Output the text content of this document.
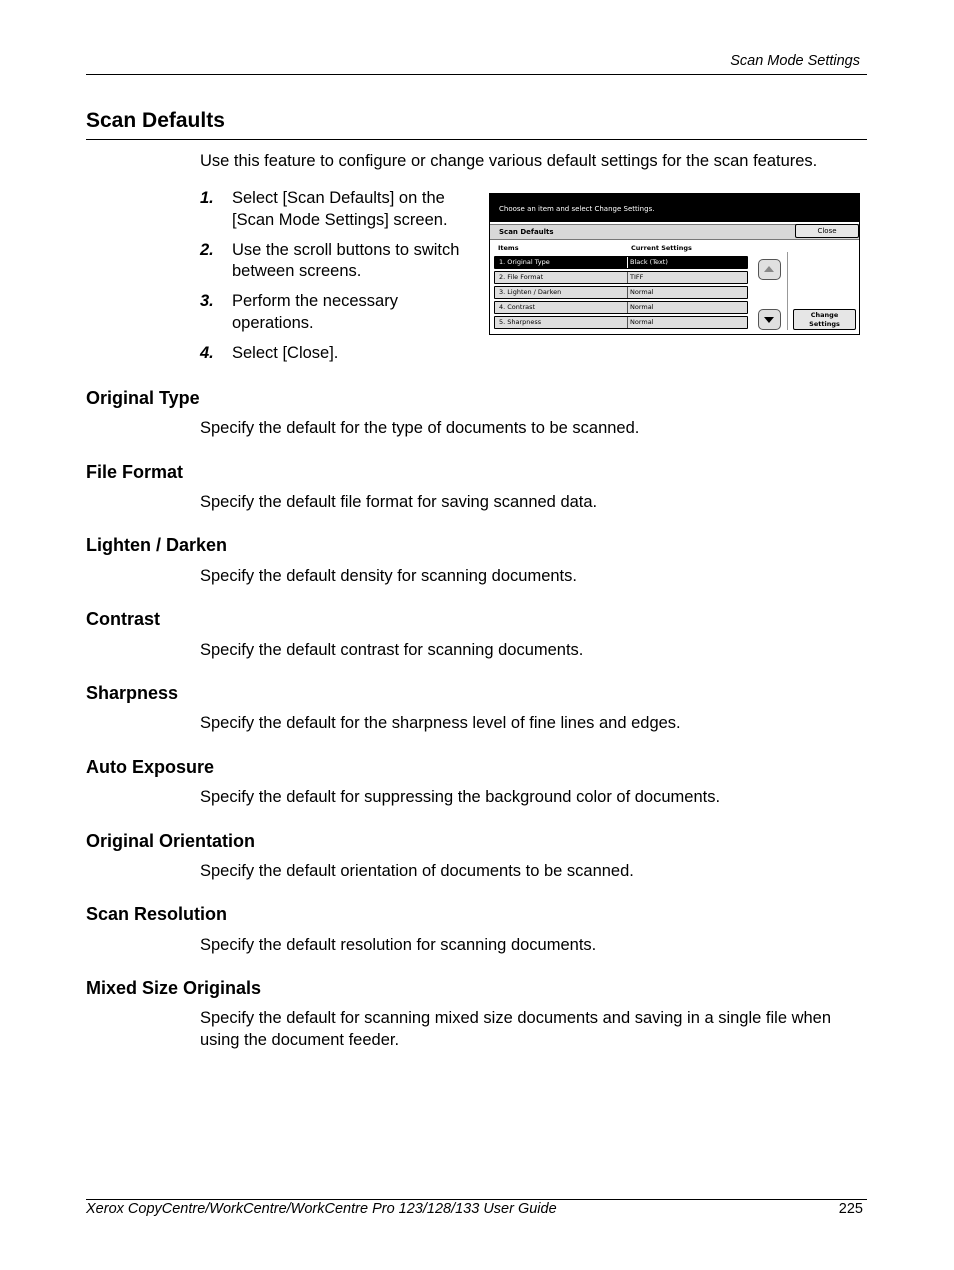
Scan Mode Settings
Scan Defaults
Use this feature to configure or change various default settings for the scan features.
1. Select [Scan Defaults] on the [Scan Mode Settings] screen.
2. Use the scroll buttons to switch between screens.
3. Perform the necessary operations.
4. Select [Close].
Choose an item and select Change Settings.
Scan Defaults	Close
Items	Current Settings
1. Original Type	Black (Text)
2. File Format	TIFF
3. Lighten / Darken	Normal
4. Contrast	Normal
5. Sharpness	Normal
Change
Settings
Original Type
Specify the default for the type of documents to be scanned.
File Format
Specify the default file format for saving scanned data.
Lighten / Darken
Specify the default density for scanning documents.
Contrast
Specify the default contrast for scanning documents.
Sharpness
Specify the default for the sharpness level of fine lines and edges.
Auto Exposure
Specify the default for suppressing the background color of documents.
Original Orientation
Specify the default orientation of documents to be scanned.
Scan Resolution
Specify the default resolution for scanning documents.
Mixed Size Originals
Specify the default for scanning mixed size documents and saving in a single file when using the document feeder.
Xerox CopyCentre/WorkCentre/WorkCentre Pro 123/128/133 User Guide	225
